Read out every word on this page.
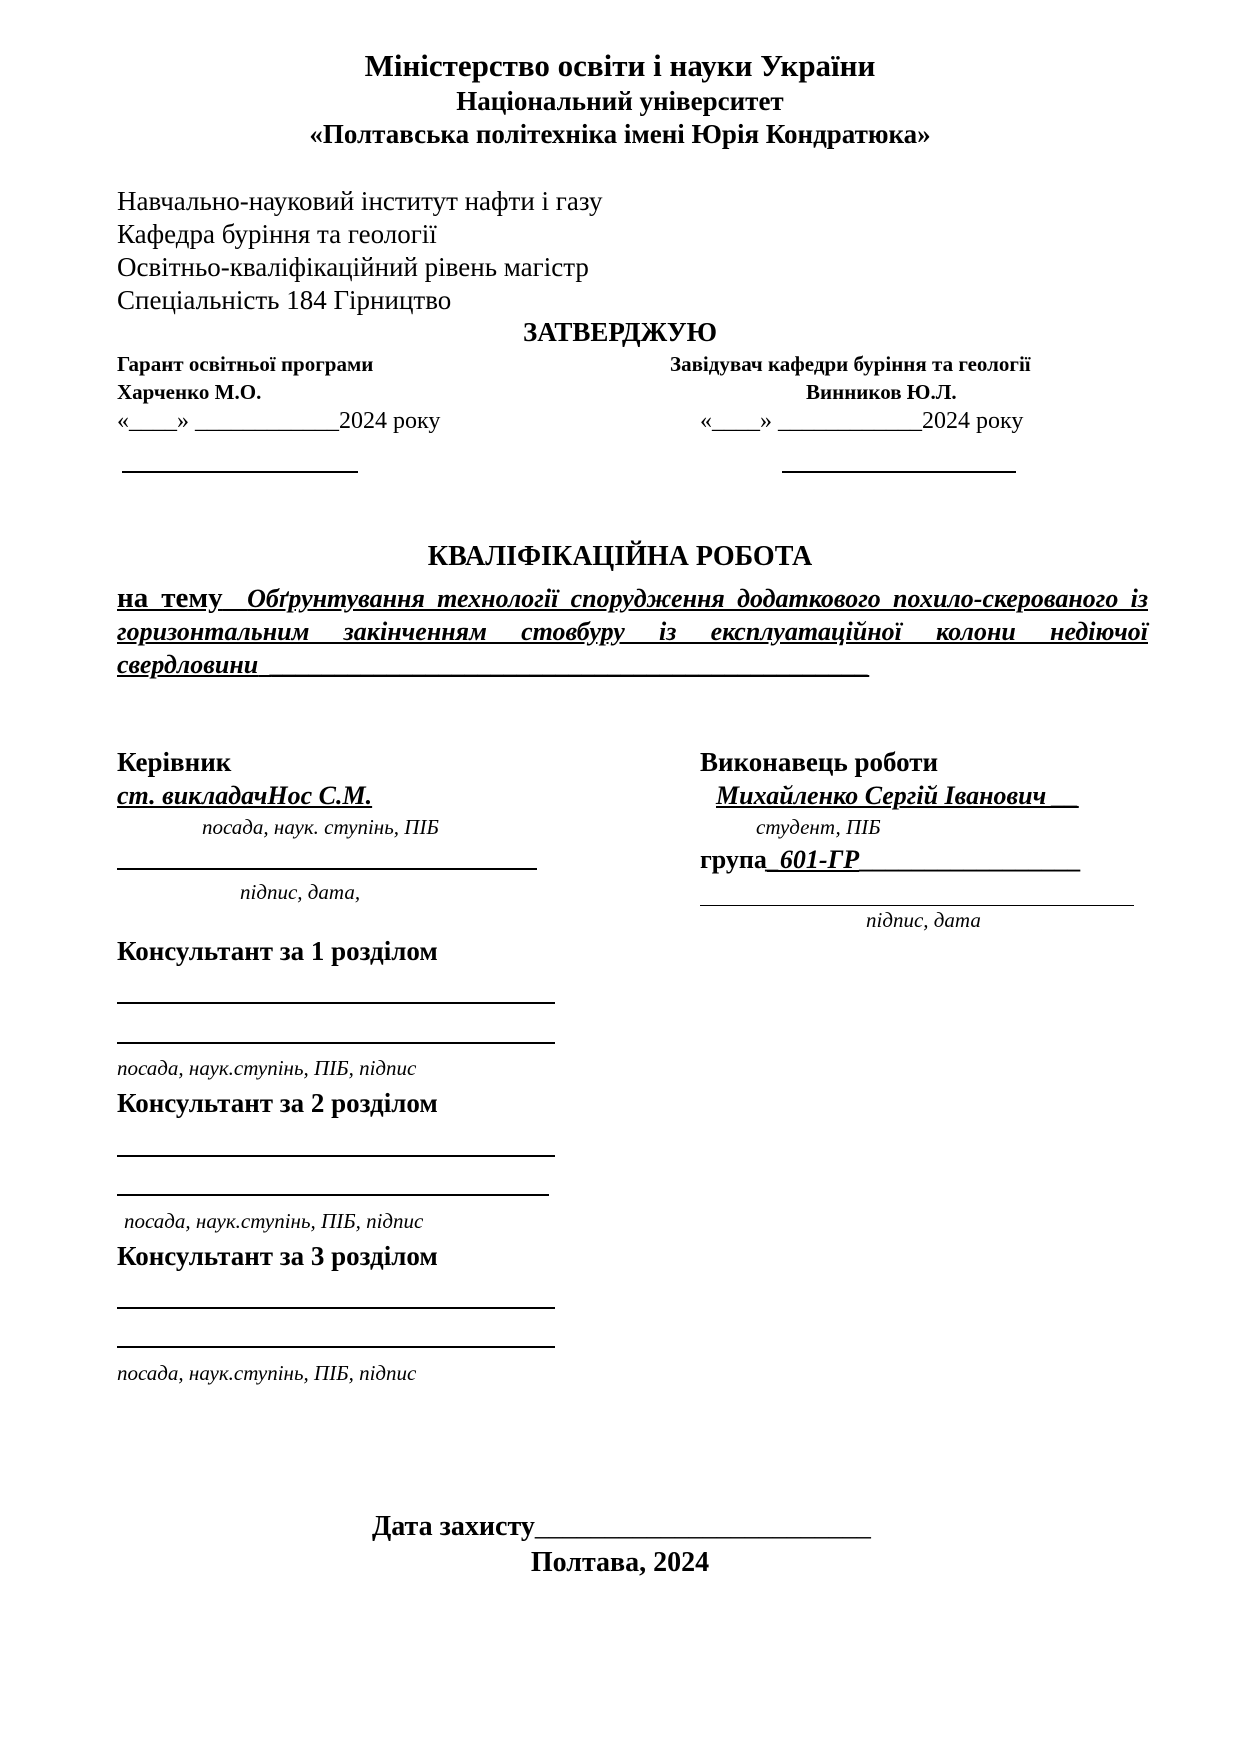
Міністерство освіти і науки України
Національний університет
«Полтавська політехніка імені Юрія Кондратюка»
Навчально-науковий інститут нафти і газу
Кафедра буріння та геології
Освітньо-кваліфікаційний рівень магістр
Спеціальність 184 Гірництво
ЗАТВЕРДЖУЮ
Гарант освітньої програми
Харченко М.О.
«____» ____________2024 року
Завідувач кафедри буріння та геології
Винников Ю.Л.
«____» ____________2024 року
КВАЛІФІКАЦІЙНА РОБОТА
на тему Обґрунтування технології спорудження додаткового похило-скерованого із горизонтальним закінченням стовбуру із експлуатаційної колони недіючої свердловини ______________________________________________
Керівник
ст. викладачНос С.М.
посада, наук. ступінь, ПІБ
підпис, дата,
Виконавець роботи
Михайленко Сергій Іванович __
студент, ПІБ
група_601-ГР_________________
підпис, дата
Консультант за 1 розділом
посада, наук.ступінь, ПІБ, підпис
Консультант за 2 розділом
посада, наук.ступінь, ПІБ, підпис
Консультант за 3 розділом
посада, наук.ступінь, ПІБ, підпис
Дата захисту________________________
Полтава, 2024
